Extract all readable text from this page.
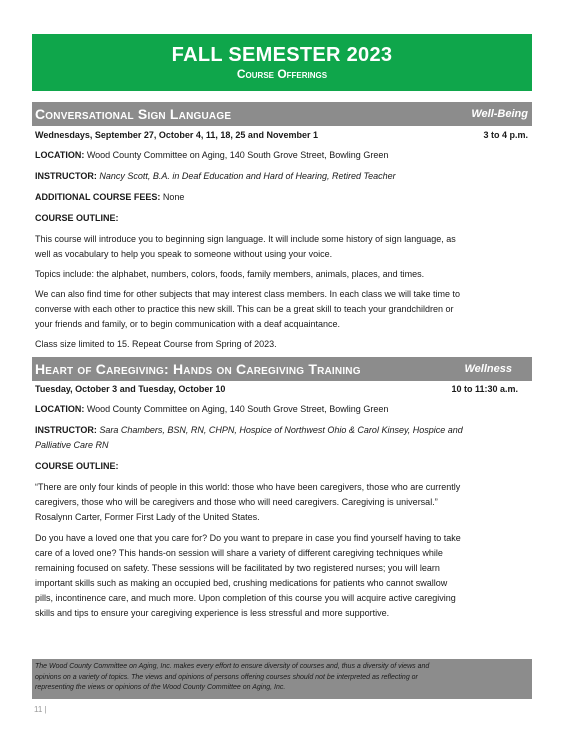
FALL SEMESTER 2023
Course Offerings
Conversational Sign Language	Well-Being
Wednesdays, September 27, October 4, 11, 18, 25 and November 1	3 to 4 p.m.

LOCATION: Wood County Committee on Aging, 140 South Grove Street, Bowling Green

INSTRUCTOR: Nancy Scott, B.A. in Deaf Education and Hard of Hearing, Retired Teacher

ADDITIONAL COURSE FEES: None

COURSE OUTLINE:

This course will introduce you to beginning sign language. It will include some history of sign language, as
well as vocabulary to help you speak to someone without using your voice.

Topics include: the alphabet, numbers, colors, foods, family members, animals, places, and times.

We can also find time for other subjects that may interest class members. In each class we will take time to
converse with each other to practice this new skill. This can be a great skill to teach your grandchildren or
your friends and family, or to begin communication with a deaf acquaintance.

Class size limited to 15. Repeat Course from Spring of 2023.

Heart of Caregiving: Hands on Caregiving Training	Wellness
Tuesday, October 3 and Tuesday, October 10	10 to 11:30 a.m.

LOCATION: Wood County Committee on Aging, 140 South Grove Street, Bowling Green

INSTRUCTOR: Sara Chambers, BSN, RN, CHPN, Hospice of Northwest Ohio & Carol Kinsey, Hospice and
Palliative Care RN

COURSE OUTLINE:

“There are only four kinds of people in this world: those who have been caregivers, those who are currently
caregivers, those who will be caregivers and those who will need caregivers. Caregiving is universal.”
Rosalynn Carter, Former First Lady of the United States.

Do you have a loved one that you care for? Do you want to prepare in case you find yourself having to take
care of a loved one? This hands-on session will share a variety of different caregiving techniques while
remaining focused on safety. These sessions will be facilitated by two registered nurses; you will learn
important skills such as making an occupied bed, crushing medications for patients who cannot swallow
pills, incontinence care, and much more. Upon completion of this course you will acquire active caregiving
skills and tips to ensure your caregiving experience is less stressful and more supportive.

The Wood County Committee on Aging, Inc. makes every effort to ensure diversity of courses and, thus a diversity of views and
opinions on a variety of topics. The views and opinions of persons offering courses should not be interpreted as reflecting or
representing the views or opinions of the Wood County Committee on Aging, Inc.
11 |
